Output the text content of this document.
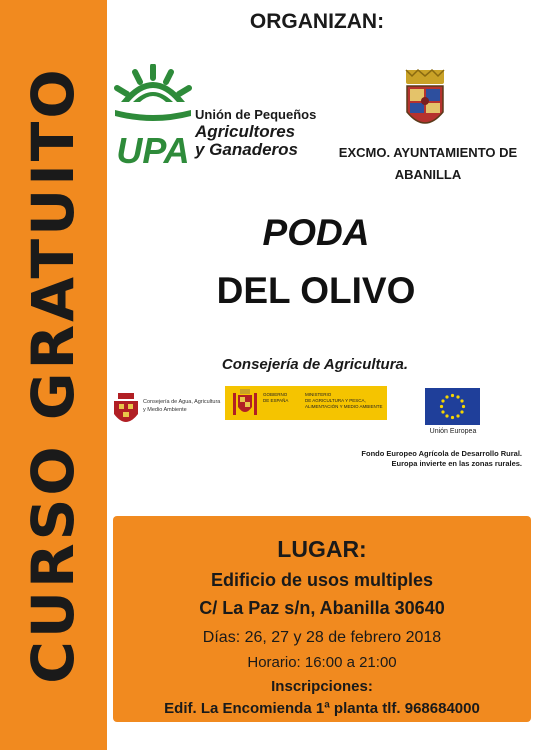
CURSO GRATUITO
ORGANIZAN:
UPA
Unión de Pequeños
Agricultores
y Ganaderos	EXCMO. AYUNTAMIENTO DE
ABANILLA
PODA
DEL OLIVO
Consejería de Agricultura.
Consejería de Agua, Agricultura
y Medio Ambiente
GOBIERNO
DE ESPAÑA
MINISTERIO
DE AGRICULTURA Y PESCA,
ALIMENTACIÓN Y MEDIO AMBIENTE
Unión Europea
Fondo Europeo Agrícola de Desarrollo Rural.
Europa invierte en las zonas rurales.
LUGAR:
Edificio de usos multiples
C/ La Paz s/n, Abanilla 30640
Días: 26, 27 y 28 de febrero 2018
Horario: 16:00 a 21:00
Inscripciones:
Edif. La Encomienda 1ª planta tlf. 968684000
